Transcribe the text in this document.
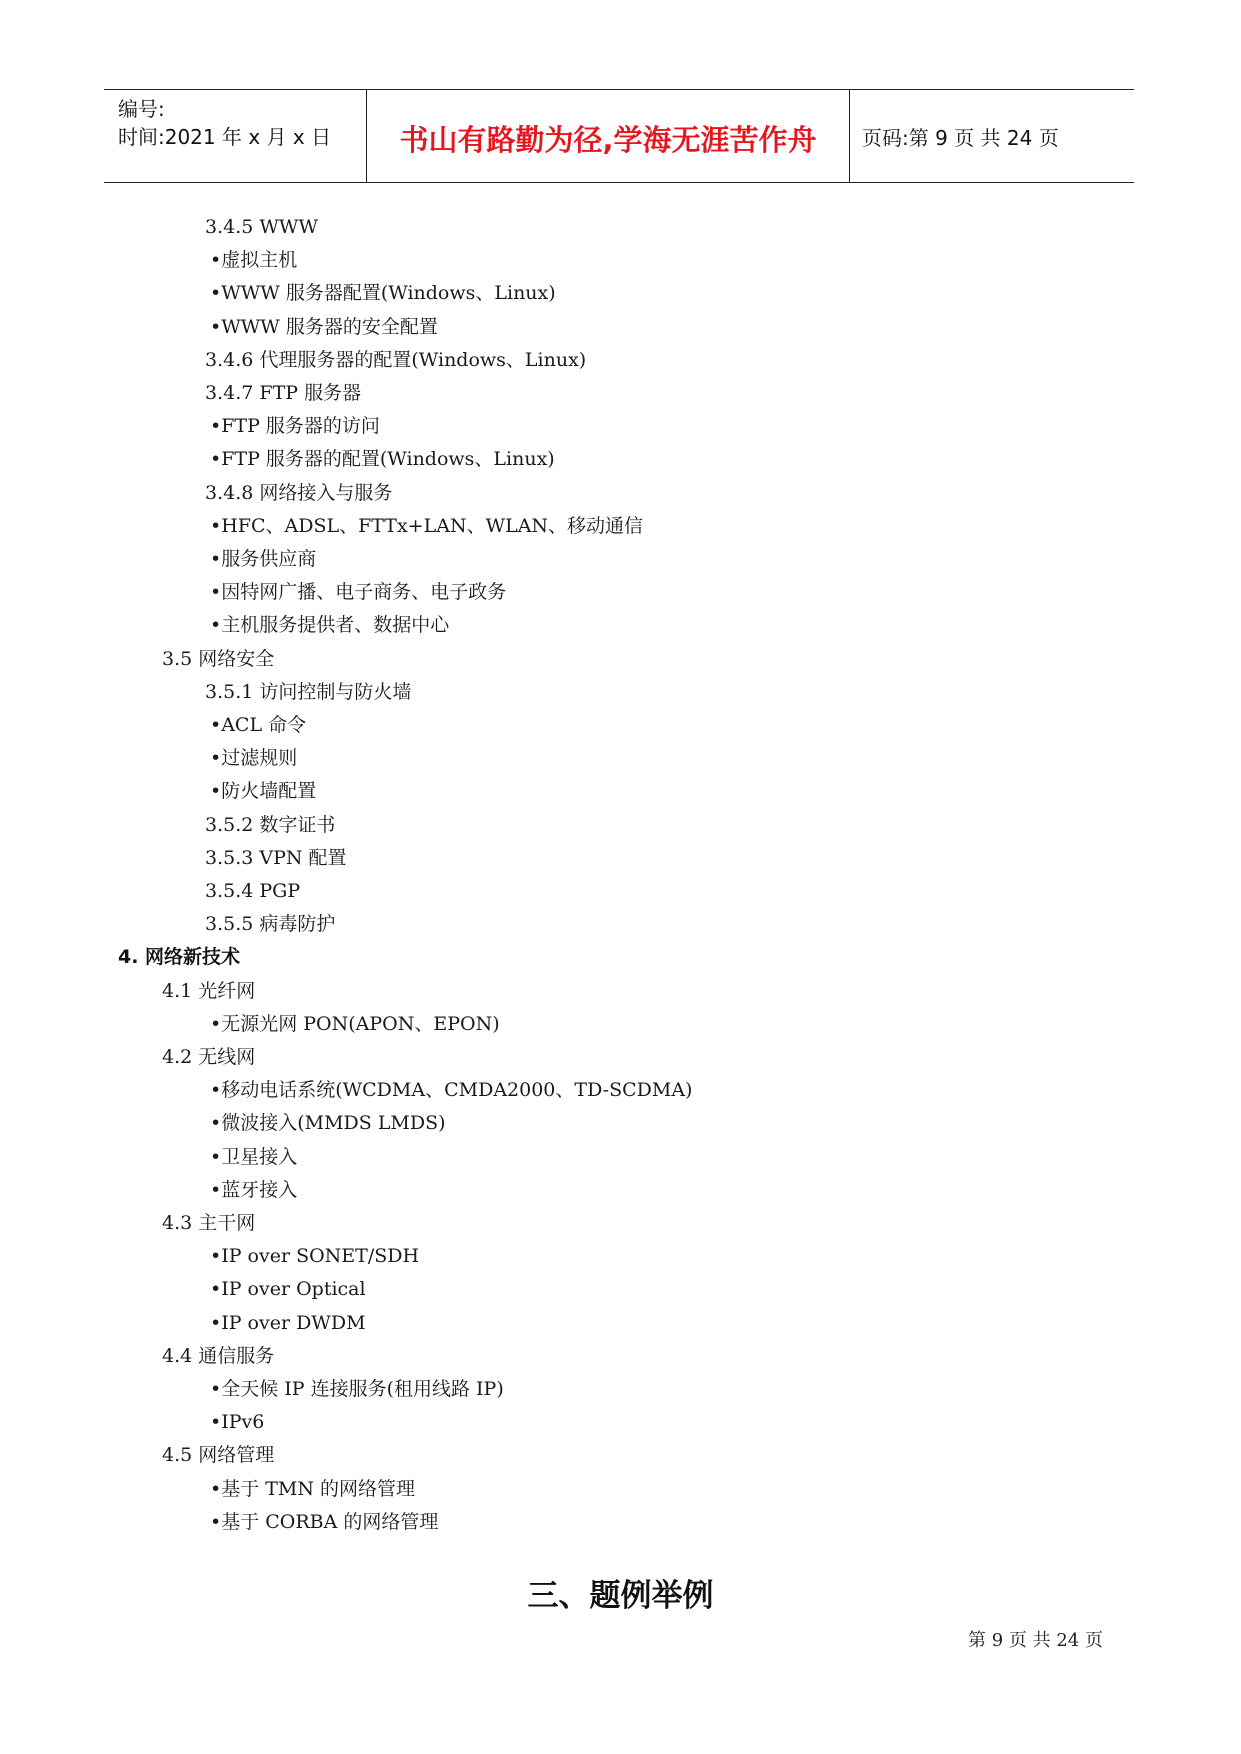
编号:
时间:2021 年 x 月 x 日	书山有路勤为径,学海无涯苦作舟	页码:第 9 页 共 24 页
3.4.5 WWW
•虚拟主机
•WWW 服务器配置(Windows、Linux)
•WWW 服务器的安全配置
3.4.6 代理服务器的配置(Windows、Linux)
3.4.7 FTP 服务器
•FTP 服务器的访问
•FTP 服务器的配置(Windows、Linux)
3.4.8 网络接入与服务
•HFC、ADSL、FTTx+LAN、WLAN、移动通信
•服务供应商
•因特网广播、电子商务、电子政务
•主机服务提供者、数据中心
3.5 网络安全
3.5.1 访问控制与防火墙
•ACL 命令
•过滤规则
•防火墙配置
3.5.2 数字证书
3.5.3 VPN 配置
3.5.4 PGP
3.5.5 病毒防护
4. 网络新技术
4.1 光纤网
•无源光网 PON(APON、EPON)
4.2 无线网
•移动电话系统(WCDMA、CMDA2000、TD-SCDMA)
•微波接入(MMDS LMDS)
•卫星接入
•蓝牙接入
4.3 主干网
•IP over SONET/SDH
•IP over Optical
•IP over DWDM
4.4 通信服务
•全天候 IP 连接服务(租用线路 IP)
•IPv6
4.5 网络管理
•基于 TMN 的网络管理
•基于 CORBA 的网络管理
三、题例举例
第 9 页 共 24 页
